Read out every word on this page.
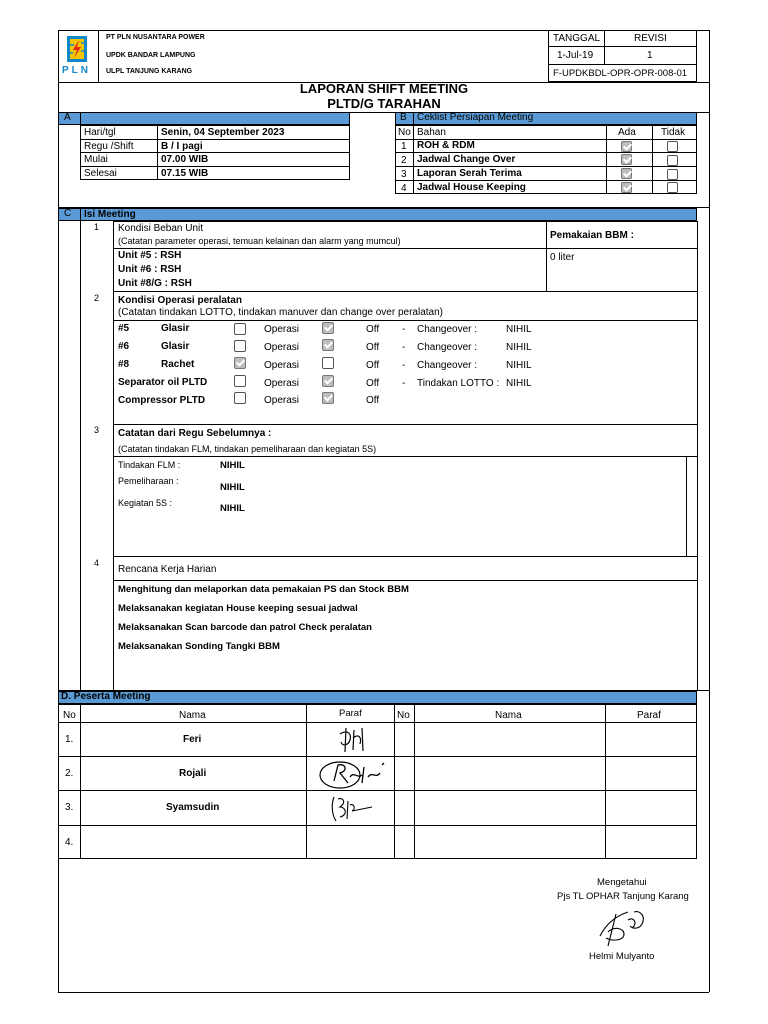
PLN
PT PLN NUSANTARA POWER
UPDK BANDAR LAMPUNG
ULPL TANJUNG KARANG
TANGGAL	REVISI
1-Jul-19	1
F-UPDKBDL-OPR-OPR-008-01
LAPORAN SHIFT MEETING
PLTD/G TARAHAN
A
Hari/tgl	Senin, 04 September 2023
Regu /Shift	B / I pagi
Mulai	07.00 WIB
Selesai	07.15 WIB
B Ceklist Persiapan Meeting
No Bahan	Ada	Tidak
1 ROH & RDM
2 Jadwal Change Over
3 Laporan Serah Terima
4 Jadwal House Keeping
C Isi Meeting
1 Kondisi Beban Unit
(Catatan parameter operasi, temuan kelainan dan alarm yang mumcul)	Pemakaian BBM :
Unit #5 : RSH
Unit #6 : RSH
Unit #8/G : RSH
0 liter
2 Kondisi Operasi peralatan
(Catatan tindakan LOTTO, tindakan manuver dan change over peralatan)
#5	Glasir	Operasi	Off - Changeover :	NIHIL
#6	Glasir	Operasi	Off - Changeover :	NIHIL
#8	Rachet	Operasi	Off - Changeover :	NIHIL
Separator oil PLTD	Operasi	Off - Tindakan LOTTO : NIHIL
Compressor PLTD	Operasi	Off
3 Catatan dari Regu Sebelumnya :
(Catatan tindakan FLM, tindakan pemeliharaan dan kegiatan 5S)
Tindakan FLM :	NIHIL
Pemeliharaan :
NIHIL
Kegiatan 5S :	NIHIL
4
Rencana Kerja Harian
Menghitung dan melaporkan data pemakaian PS dan Stock BBM
Melaksanakan kegiatan House keeping sesuai jadwal
Melaksanakan Scan barcode dan patrol Check peralatan
Melaksanakan Sonding Tangki BBM
D. Peserta Meeting
No	Nama	Paraf	No	Nama	Paraf
1.	Feri
2.	Rojali
3.	Syamsudin
4.
Mengetahui
Pjs TL OPHAR Tanjung Karang
Helmi Mulyanto
